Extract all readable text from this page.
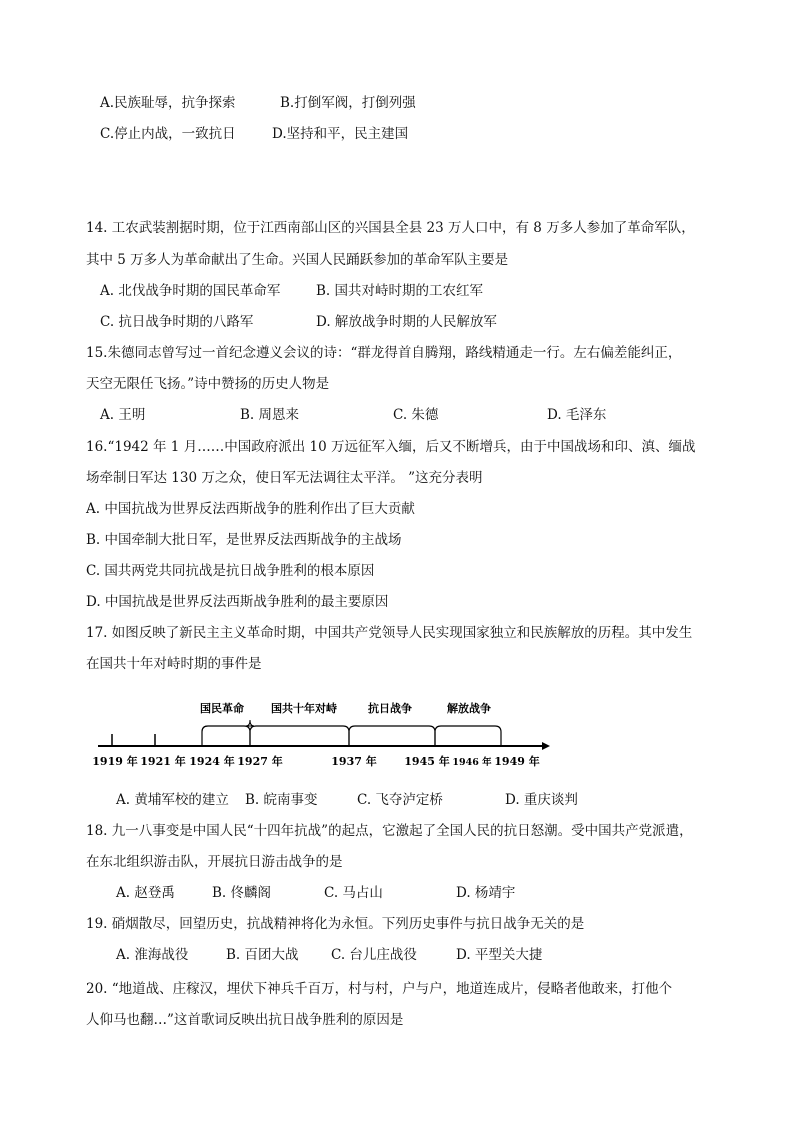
A.民族耻辱，抗争探索	B.打倒军阀，打倒列强
C.停止内战，一致抗日	D.坚持和平，民主建国
14. 工农武装割据时期，位于江西南部山区的兴国县全县 23 万人口中，有 8 万多人参加了革命军队，
其中 5 万多人为革命献出了生命。兴国人民踊跃参加的革命军队主要是
A. 北伐战争时期的国民革命军	B. 国共对峙时期的工农红军
C. 抗日战争时期的八路军	D. 解放战争时期的人民解放军
15.朱德同志曾写过一首纪念遵义会议的诗：“群龙得首自腾翔，路线精通走一行。左右偏差能纠正，
天空无限任飞扬。”诗中赞扬的历史人物是
A. 王明	B. 周恩来	C. 朱德	D. 毛泽东
16.“1942 年 1 月……中国政府派出 10 万远征军入缅，后又不断增兵，由于中国战场和印、滇、缅战
场牵制日军达 130 万之众，使日军无法调往太平洋。 ”这充分表明
A. 中国抗战为世界反法西斯战争的胜利作出了巨大贡献
B. 中国牵制大批日军，是世界反法西斯战争的主战场
C. 国共两党共同抗战是抗日战争胜利的根本原因
D. 中国抗战是世界反法西斯战争胜利的最主要原因
17. 如图反映了新民主主义革命时期，中国共产党领导人民实现国家独立和民族解放的历程。其中发生
在国共十年对峙时期的事件是
国民革命 国共十年对峙	抗日战争	解放战争
1919 年 1921 年 1924 年 1927 年	1937 年	1945 年 1946 年 1949 年
A. 黄埔军校的建立 B. 皖南事变	C. 飞夺泸定桥	D. 重庆谈判
18. 九一八事变是中国人民“十四年抗战”的起点，它激起了全国人民的抗日怒潮。受中国共产党派遣，
在东北组织游击队，开展抗日游击战争的是
A. 赵登禹	B. 佟麟阁	C. 马占山	D. 杨靖宇
19. 硝烟散尽，回望历史，抗战精神将化为永恒。下列历史事件与抗日战争无关的是
A. 淮海战役	B. 百团大战 C. 台儿庄战役	D. 平型关大捷
20. “地道战、庄稼汉，埋伏下神兵千百万，村与村，户与户，地道连成片，侵略者他敢来，打他个
人仰马也翻…”这首歌词反映出抗日战争胜利的原因是
